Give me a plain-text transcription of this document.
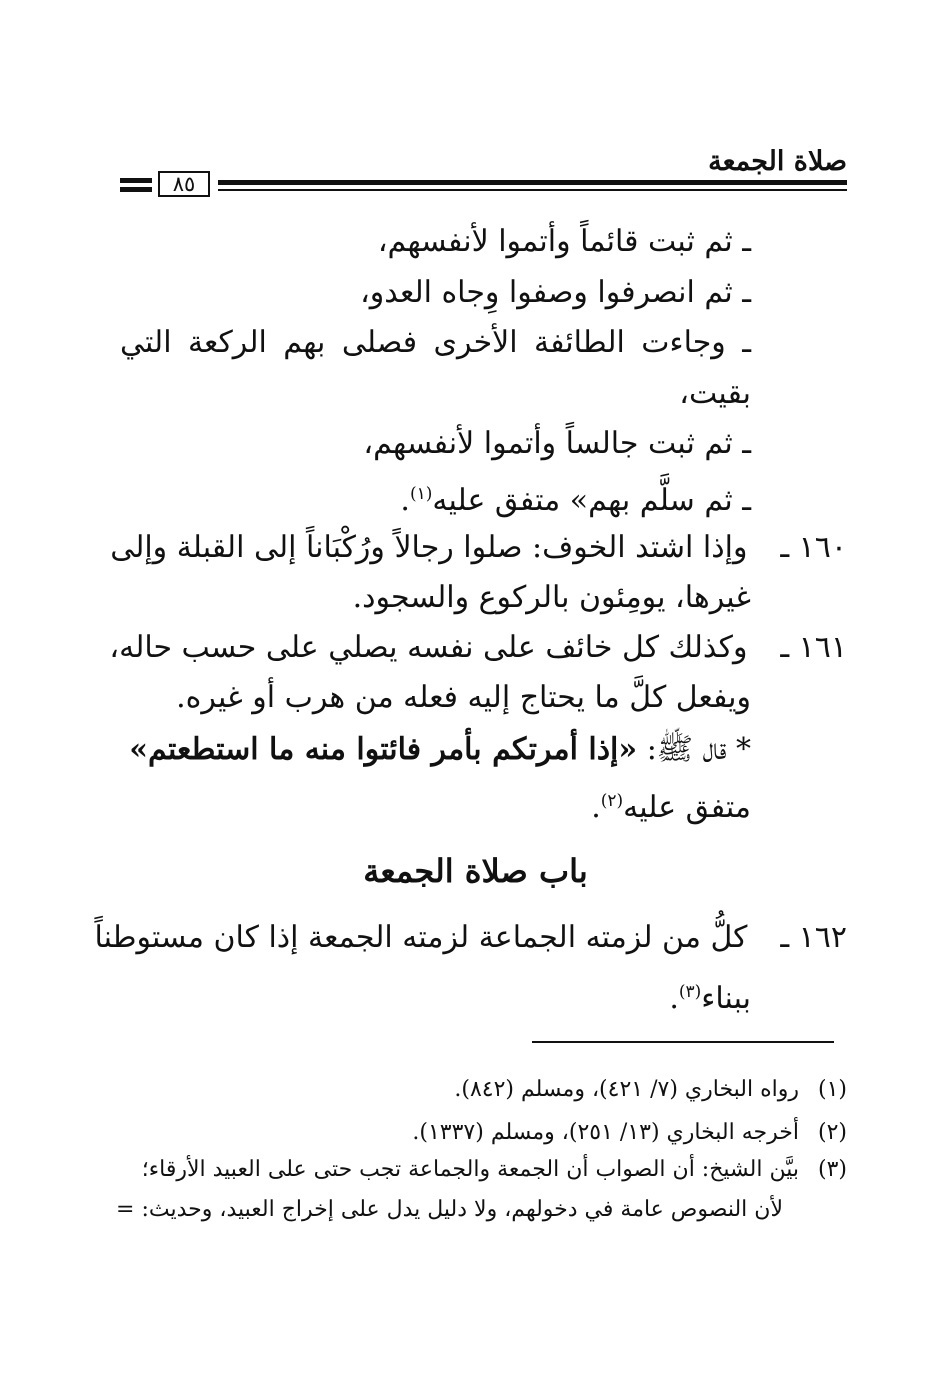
صلاة الجمعة
٨٥
ـ ثم ثبت قائماً وأتموا لأنفسهم،
ـ ثم انصرفوا وصفوا وِجاه العدو،
ـ وجاءت الطائفة الأخرى فصلى بهم الركعة التي
بقيت،
ـ ثم ثبت جالساً وأتموا لأنفسهم،
ـ ثم سلَّم بهم» متفق عليه$^{(١)}$.
١٦٠ ـ وإذا اشتد الخوف: صلوا رجالاً ورُكْبَاناً إلى القبلة وإلى
غيرها، يومِئون بالركوع والسجود.
١٦١ ـ وكذلك كل خائف على نفسه يصلي على حسب حاله،
ويفعل كلَّ ما يحتاج إليه فعله من هرب أو غيره.
* قال ﷺ: «إذا أمرتكم بأمر فائتوا منه ما استطعتم»
متفق عليه$^{(٢)}$.
باب صلاة الجمعة
١٦٢ ـ كلُّ من لزمته الجماعة لزمته الجمعة إذا كان مستوطناً
ببناء$^{(٣)}$.
(١)رواه البخاري (٧/ ٤٢١)، ومسلم (٨٤٢).
(٢)أخرجه البخاري (١٣/ ٢٥١)، ومسلم (١٣٣٧).
(٣)بيَّن الشيخ: أن الصواب أن الجمعة والجماعة تجب حتى على العبيد الأرقاء؛
لأن النصوص عامة في دخولهم، ولا دليل يدل على إخراج العبيد، وحديث: =
